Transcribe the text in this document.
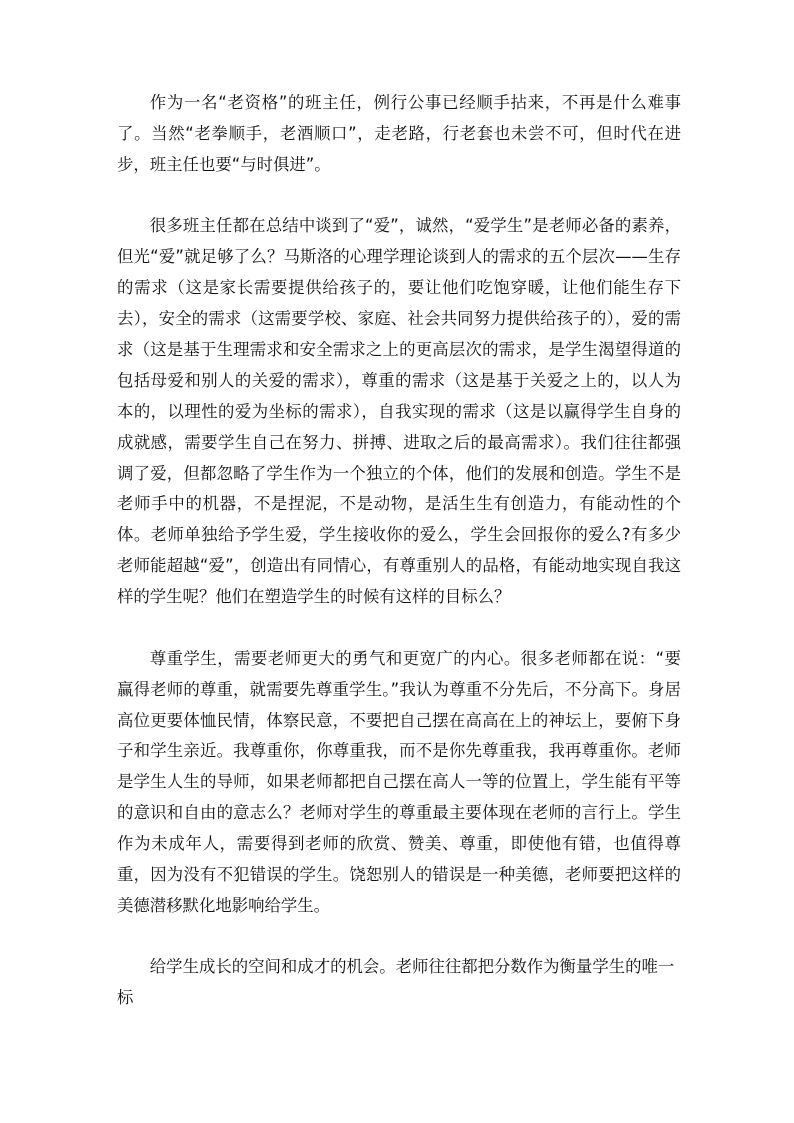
作为一名“老资格”的班主任，例行公事已经顺手拈来，不再是什么难事了。当然“老拳顺手，老酒顺口”，走老路，行老套也未尝不可，但时代在进步，班主任也要“与时俱进”。

很多班主任都在总结中谈到了“爱”，诚然，“爱学生”是老师必备的素养，但光“爱”就足够了么？马斯洛的心理学理论谈到人的需求的五个层次——生存的需求（这是家长需要提供给孩子的，要让他们吃饱穿暖，让他们能生存下去），安全的需求（这需要学校、家庭、社会共同努力提供给孩子的），爱的需求（这是基于生理需求和安全需求之上的更高层次的需求，是学生渴望得道的包括母爱和别人的关爱的需求），尊重的需求（这是基于关爱之上的，以人为本的，以理性的爱为坐标的需求），自我实现的需求（这是以赢得学生自身的成就感，需要学生自己在努力、拼搏、进取之后的最高需求）。我们往往都强调了爱，但都忽略了学生作为一个独立的个体，他们的发展和创造。学生不是老师手中的机器，不是捏泥，不是动物，是活生生有创造力，有能动性的个体。老师单独给予学生爱，学生接收你的爱么，学生会回报你的爱么?有多少老师能超越“爱”，创造出有同情心，有尊重别人的品格，有能动地实现自我这样的学生呢？他们在塑造学生的时候有这样的目标么？

尊重学生，需要老师更大的勇气和更宽广的内心。很多老师都在说：“要赢得老师的尊重，就需要先尊重学生。”我认为尊重不分先后，不分高下。身居高位更要体恤民情，体察民意，不要把自己摆在高高在上的神坛上，要俯下身子和学生亲近。我尊重你，你尊重我，而不是你先尊重我，我再尊重你。老师是学生人生的导师，如果老师都把自己摆在高人一等的位置上，学生能有平等的意识和自由的意志么？老师对学生的尊重最主要体现在老师的言行上。学生作为未成年人，需要得到老师的欣赏、赞美、尊重，即使他有错，也值得尊重，因为没有不犯错误的学生。饶恕别人的错误是一种美德，老师要把这样的美德潜移默化地影响给学生。

给学生成长的空间和成才的机会。老师往往都把分数作为衡量学生的唯一标
